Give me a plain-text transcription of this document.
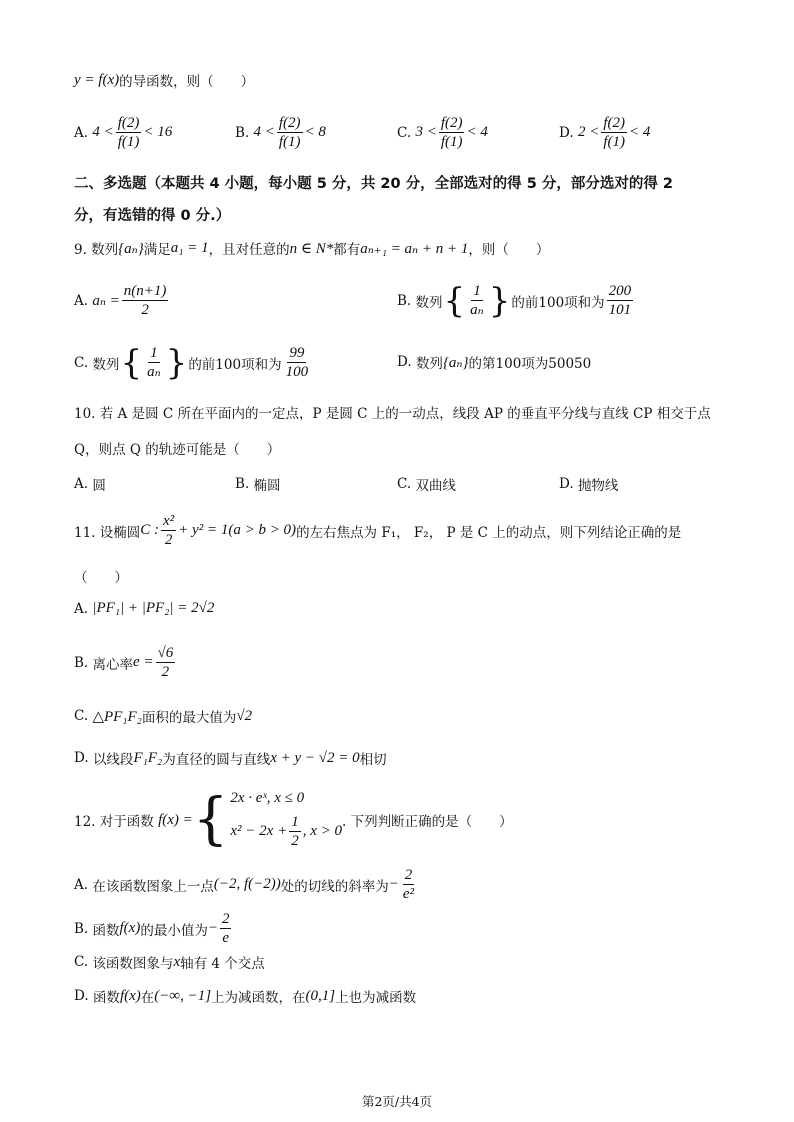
y = f(x) 的导函数，则（　　）
A.
$4 < \frac{f(2)}{f(1)} < 16$	B.
$4 < \frac{f(2)}{f(1)} < 8$	C.
$3 < \frac{f(2)}{f(1)} < 4$	D.
$2 < \frac{f(2)}{f(1)} < 4$
二、多选题（本题共 4 小题，每小题 5 分，共 20 分，全部选对的得 5 分，部分选对的得 2
分，有选错的得 0 分.）
9. 数列 {aₙ} 满足 a₁ = 1 ，且对任意的 n ∈ N* 都有 aₙ₊₁ = aₙ + n + 1 ，则（　　）
A.
$a_n = \frac{n(n+1)}{2}$	B.
数列 { $\frac{1}{\text{aₙ}}$ } 的前100项和为 $\frac{200}{101}$
C.
数列 { $\frac{1}{\text{aₙ}}$ } 的前100项和为 $\frac{99}{100}$	D.
数列 {aₙ} 的第100项为50050
10. 若 A 是圆 C 所在平面内的一定点，P 是圆 C 上的一动点，线段 AP 的垂直平分线与直线 CP 相交于点
Q，则点 Q 的轨迹可能是（　　）
A.
圆	B.
椭圆	C.
双曲线	D.
抛物线
11. 设椭圆 C : $\frac{\text{x²}}{2} + y^2 = 1(a > b > 0)$ 的左右焦点为 F₁， F₂， P 是 C 上的动点，则下列结论正确的是
（　　）
A.
|PF₁| + |PF₂| = 2√2
B.
离心率 $e = \frac{√6}{2}$
C.
△PF₁F₂ 面积的最大值为 √2
D.
以线段 F₁F₂ 为直径的圆与直线 x + y − √2 = 0 相切
12. 对于函数
f(x) = { 2x · eˣ, x ≤ 0
$x^2 - 2x + \frac{1}{2}$ , x > 0
. 下列判断正确的是（　　）
A.
在该函数图象上一点 (−2, f(−2)) 处的切线的斜率为 − $\frac{2}{\text{e²}}$
B.
函数 f(x) 的最小值为 − $\frac{2}{e}$
C.
该函数图象与 x 轴有 4 个交点
D.
函数 f(x) 在 (−∞, −1] 上为减函数，在 (0,1] 上也为减函数
第2页/共4页
